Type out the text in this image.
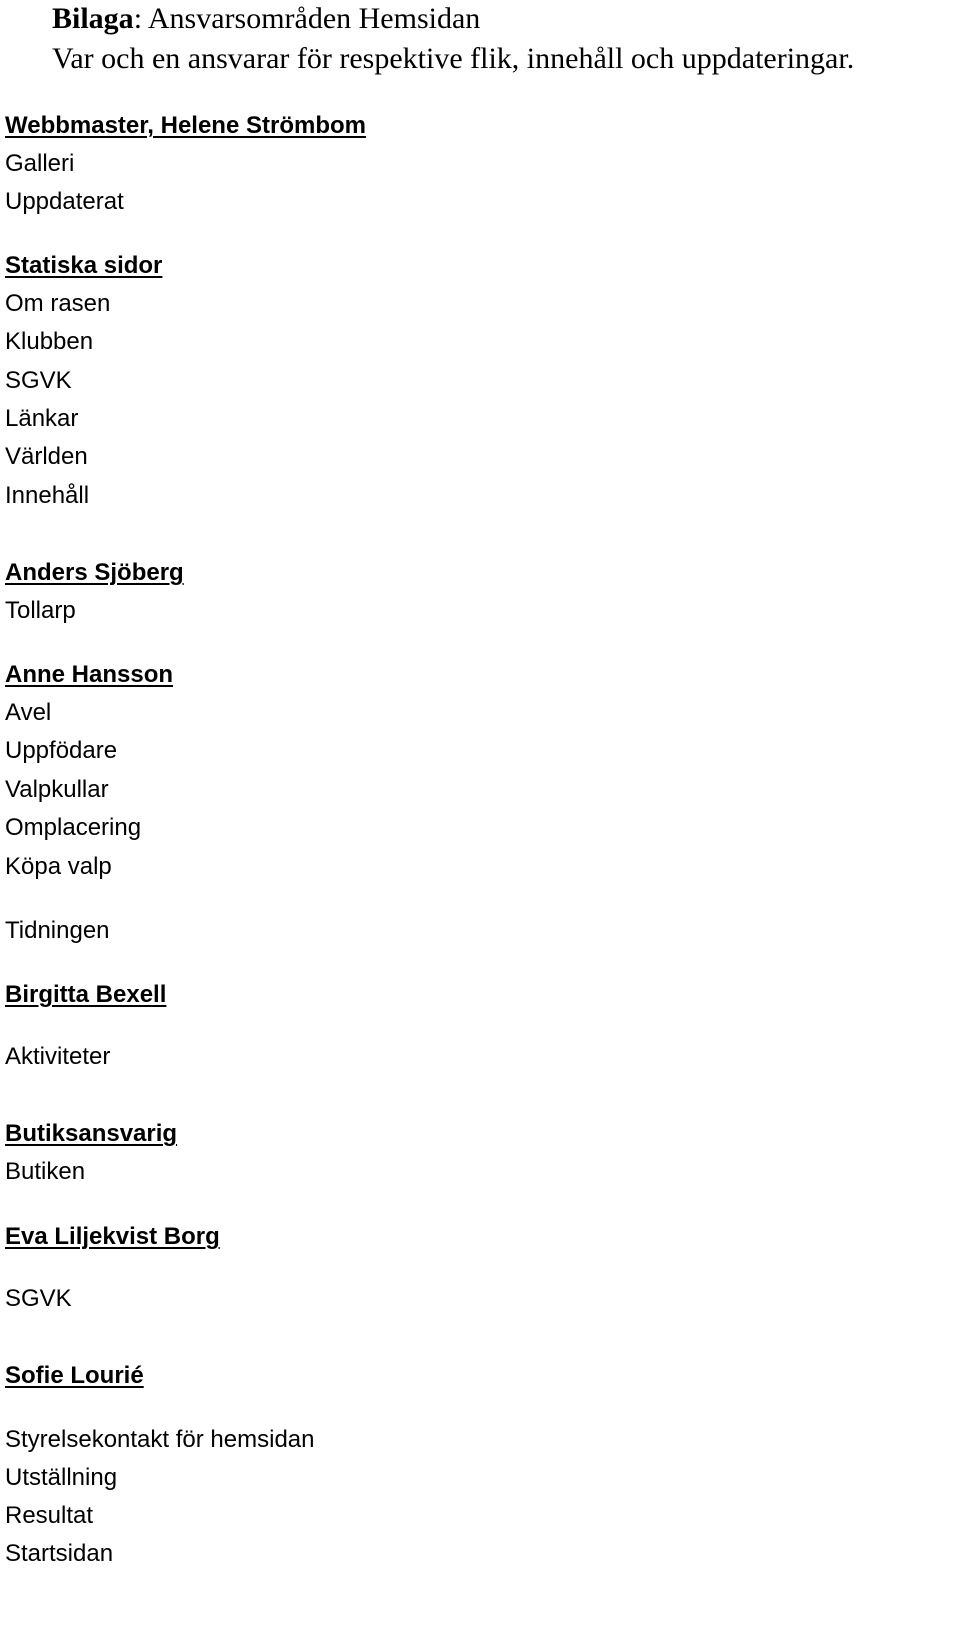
Bilaga: Ansvarsområden Hemsidan
Var och en ansvarar för respektive flik, innehåll och uppdateringar.
Webbmaster, Helene Strömbom
Galleri
Uppdaterat
Statiska sidor
Om rasen
Klubben
SGVK
Länkar
Världen
Innehåll
Anders Sjöberg
Tollarp
Anne Hansson
Avel
Uppfödare
Valpkullar
Omplacering
Köpa valp
Tidningen
Birgitta Bexell
Aktiviteter
Butiksansvarig
Butiken
Eva Liljekvist Borg
SGVK
Sofie Lourié
Styrelsekontakt för hemsidan
Utställning
Resultat
Startsidan
